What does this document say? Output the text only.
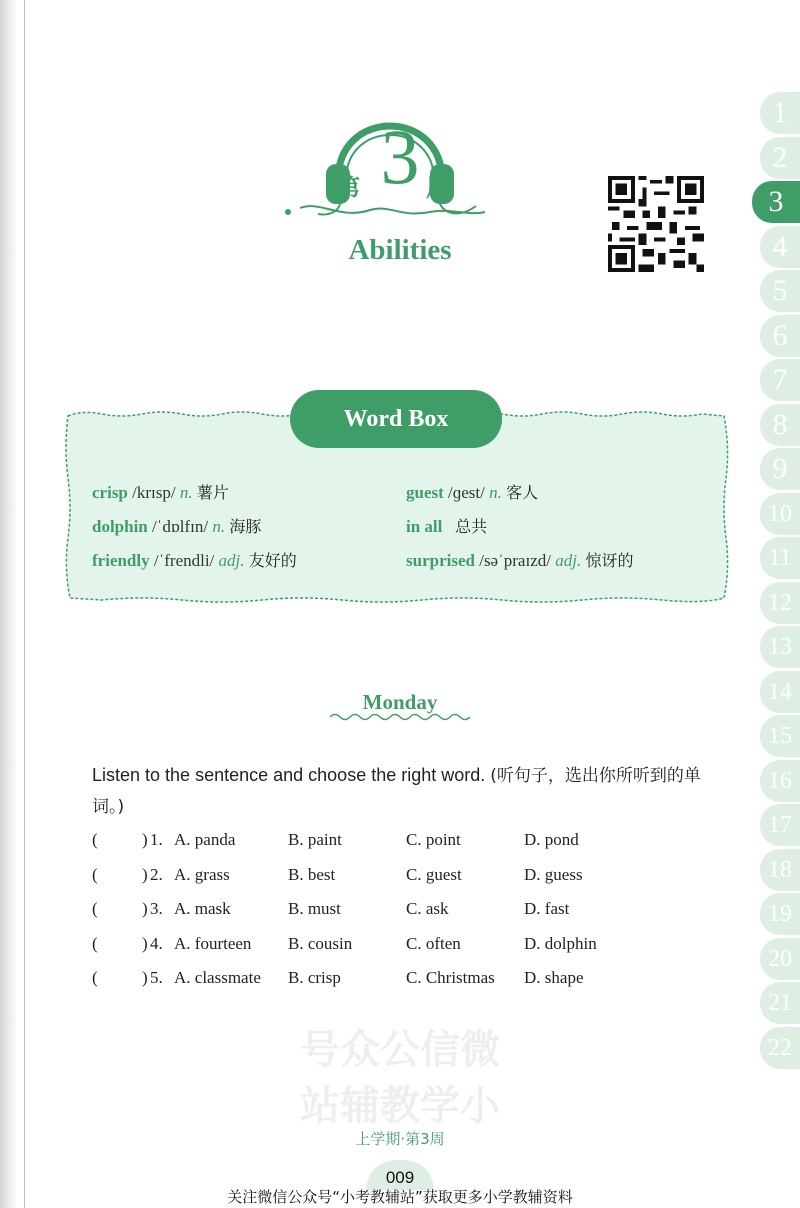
第 3 周
Abilities
1
2
3
4
5
6
7
8
9
10
11
12
13
14
15
16
17
18
19
20
21
22
Word Box
crisp /krɪsp/ n. 薯片	guest /ɡest/ n. 客人
dolphin /ˈdɒlfɪn/ n. 海豚	in all 总共
friendly /ˈfrendli/ adj. 友好的	surprised /səˈpraɪzd/ adj. 惊讶的
Monday
Listen to the sentence and choose the right word. (听句子，选出你所听到的单词。)
(	) 1. A. panda	B. paint	C. point	D. pond
(	) 2. A. grass	B. best	C. guest	D. guess
(	) 3. A. mask	B. must	C. ask	D. fast
(	) 4. A. fourteen B. cousin	C. often	D. dolphin
(	) 5. A. classmate B. crisp	C. Christmas D. shape
号众公信微
站辅教学小
上学期·第3周
009
关注微信公众号“小考教辅站”获取更多小学教辅资料
